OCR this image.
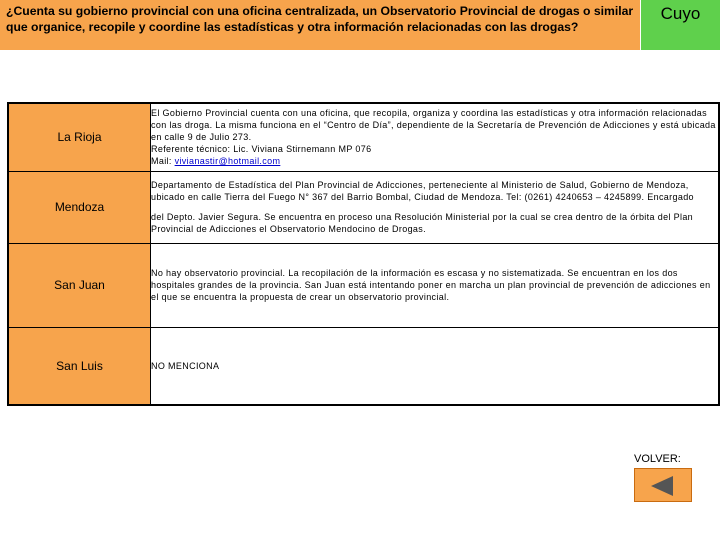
¿Cuenta su gobierno provincial con una oficina centralizada, un Observatorio Provincial de drogas o similar que organice, recopile y coordine las estadísticas y otra información relacionadas con las drogas?
Cuyo
La Rioja	El Gobierno Provincial cuenta con una oficina, que recopila, organiza y coordina las estadísticas y otra información relacionadas con las droga. La misma funciona en el “Centro de Día”, dependiente de la Secretaría de Prevención de Adicciones y está ubicada en calle 9 de Julio 273.

Referente técnico: Lic. Viviana Stirnemann MP 076

Mail: vivianastir@hotmail.com

Mendoza	Departamento de Estadística del Plan Provincial de Adicciones, perteneciente al Ministerio de Salud, Gobierno de Mendoza, ubicado en calle Tierra del Fuego N° 367 del Barrio Bombal, Ciudad de Mendoza. Tel: (0261) 4240653 – 4245899. Encargado

del Depto. Javier Segura. Se encuentra en proceso una Resolución Ministerial por la cual se crea dentro de la órbita del Plan Provincial de Adicciones el Observatorio Mendocino de Drogas.

San Juan	No hay observatorio provincial. La recopilación de la información es escasa y no sistematizada. Se encuentran en los dos hospitales grandes de la provincia. San Juan está intentando poner en marcha un plan provincial de prevención de adicciones en el que se encuentra la propuesta de crear un observatorio provincial.

San Luis	NO MENCIONA

VOLVER:
